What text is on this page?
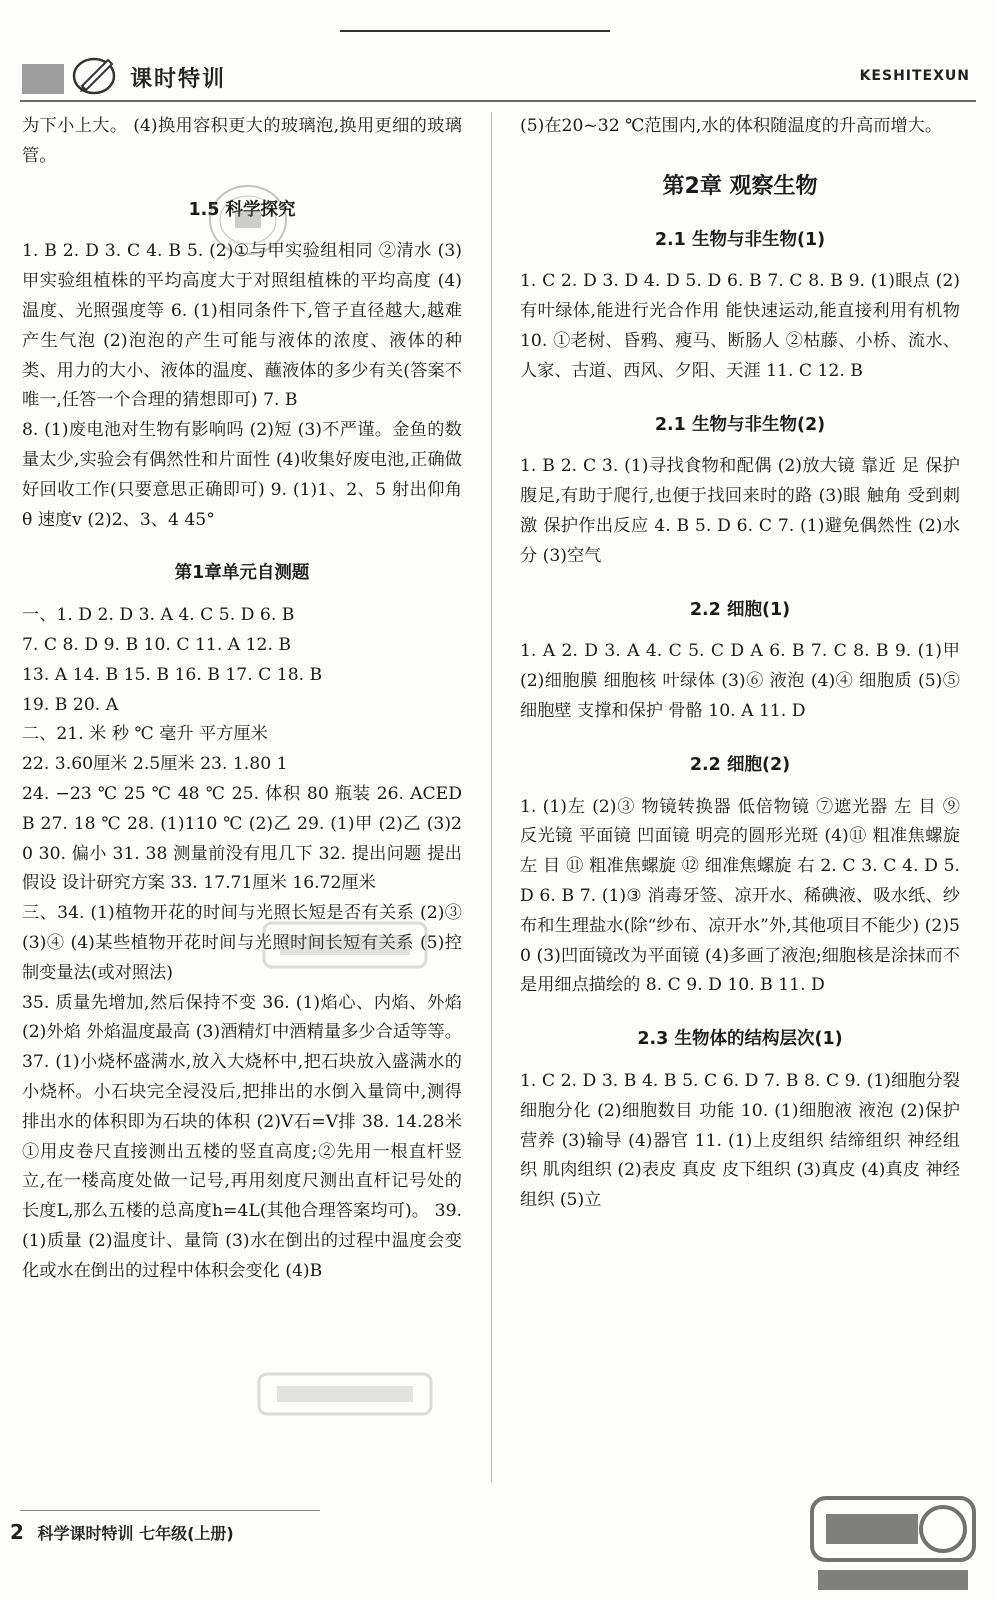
课时特训	KESHITEXUN

为下小上大。 (4)换用容积更大的玻璃泡,换用更细的玻璃管。

1.5 科学探究

1. B 2. D 3. C 4. B 5. (2)①与甲实验组相同 ②清水 (3)甲实验组植株的平均高度大于对照组植株的平均高度 (4)温度、光照强度等 6. (1)相同条件下,管子直径越大,越难产生气泡 (2)泡泡的产生可能与液体的浓度、液体的种类、用力的大小、液体的温度、蘸液体的多少有关(答案不唯一,任答一个合理的猜想即可) 7. B

8. (1)废电池对生物有影响吗 (2)短 (3)不严谨。金鱼的数量太少,实验会有偶然性和片面性 (4)收集好废电池,正确做好回收工作(只要意思正确即可) 9. (1)1、2、5 射出仰角θ 速度v (2)2、3、4 45°

第1章单元自测题

一、1. D 2. D 3. A 4. C 5. D 6. B

7. C 8. D 9. B 10. C 11. A 12. B

13. A 14. B 15. B 16. B 17. C 18. B

19. B 20. A

二、21. 米 秒 ℃ 毫升 平方厘米

22. 3.60厘米 2.5厘米 23. 1.80 1

24. −23 ℃ 25 ℃ 48 ℃ 25. 体积 80 瓶装 26. ACEDB 27. 18 ℃ 28. (1)110 ℃ (2)乙 29. (1)甲 (2)乙 (3)20 30. 偏小 31. 38 测量前没有甩几下 32. 提出问题 提出假设 设计研究方案 33. 17.71厘米 16.72厘米

三、34. (1)植物开花的时间与光照长短是否有关系 (2)③ (3)④ (4)某些植物开花时间与光照时间长短有关系 (5)控制变量法(或对照法)

35. 质量先增加,然后保持不变 36. (1)焰心、内焰、外焰 (2)外焰 外焰温度最高 (3)酒精灯中酒精量多少合适等等。 37. (1)小烧杯盛满水,放入大烧杯中,把石块放入盛满水的小烧杯。小石块完全浸没后,把排出的水倒入量筒中,测得排出水的体积即为石块的体积 (2)V石=V排 38. 14.28米 ①用皮卷尺直接测出五楼的竖直高度;②先用一根直杆竖立,在一楼高度处做一记号,再用刻度尺测出直杆记号处的长度L,那么五楼的总高度h=4L(其他合理答案均可)。 39. (1)质量 (2)温度计、量筒 (3)水在倒出的过程中温度会变化或水在倒出的过程中体积会变化 (4)B

(5)在20~32 ℃范围内,水的体积随温度的升高而增大。

第2章 观察生物
2.1 生物与非生物(1)

1. C 2. D 3. D 4. D 5. D 6. B 7. C 8. B 9. (1)眼点 (2)有叶绿体,能进行光合作用 能快速运动,能直接利用有机物 10. ①老树、昏鸦、瘦马、断肠人 ②枯藤、小桥、流水、人家、古道、西风、夕阳、天涯 11. C 12. B

2.1 生物与非生物(2)

1. B 2. C 3. (1)寻找食物和配偶 (2)放大镜 靠近 足 保护腹足,有助于爬行,也便于找回来时的路 (3)眼 触角 受到刺激 保护作出反应 4. B 5. D 6. C 7. (1)避免偶然性 (2)水分 (3)空气

2.2 细胞(1)

1. A 2. D 3. A 4. C 5. C D A 6. B 7. C 8. B 9. (1)甲 (2)细胞膜 细胞核 叶绿体 (3)⑥ 液泡 (4)④ 细胞质 (5)⑤ 细胞壁 支撑和保护 骨骼 10. A 11. D

2.2 细胞(2)

1. (1)左 (2)③ 物镜转换器 低倍物镜 ⑦遮光器 左 目 ⑨ 反光镜 平面镜 凹面镜 明亮的圆形光斑 (4)⑪ 粗准焦螺旋 左 目 ⑪ 粗准焦螺旋 ⑫ 细准焦螺旋 右 2. C 3. C 4. D 5. D 6. B 7. (1)③ 消毒牙签、凉开水、稀碘液、吸水纸、纱布和生理盐水(除“纱布、凉开水”外,其他项目不能少) (2)50 (3)凹面镜改为平面镜 (4)多画了液泡;细胞核是涂抹而不是用细点描绘的 8. C 9. D 10. B 11. D

2.3 生物体的结构层次(1)

1. C 2. D 3. B 4. B 5. C 6. D 7. B 8. C 9. (1)细胞分裂 细胞分化 (2)细胞数目 功能 10. (1)细胞液 液泡 (2)保护 营养 (3)输导 (4)器官 11. (1)上皮组织 结缔组织 神经组织 肌肉组织 (2)表皮 真皮 皮下组织 (3)真皮 (4)真皮 神经组织 (5)立

2 科学课时特训 七年级(上册)
